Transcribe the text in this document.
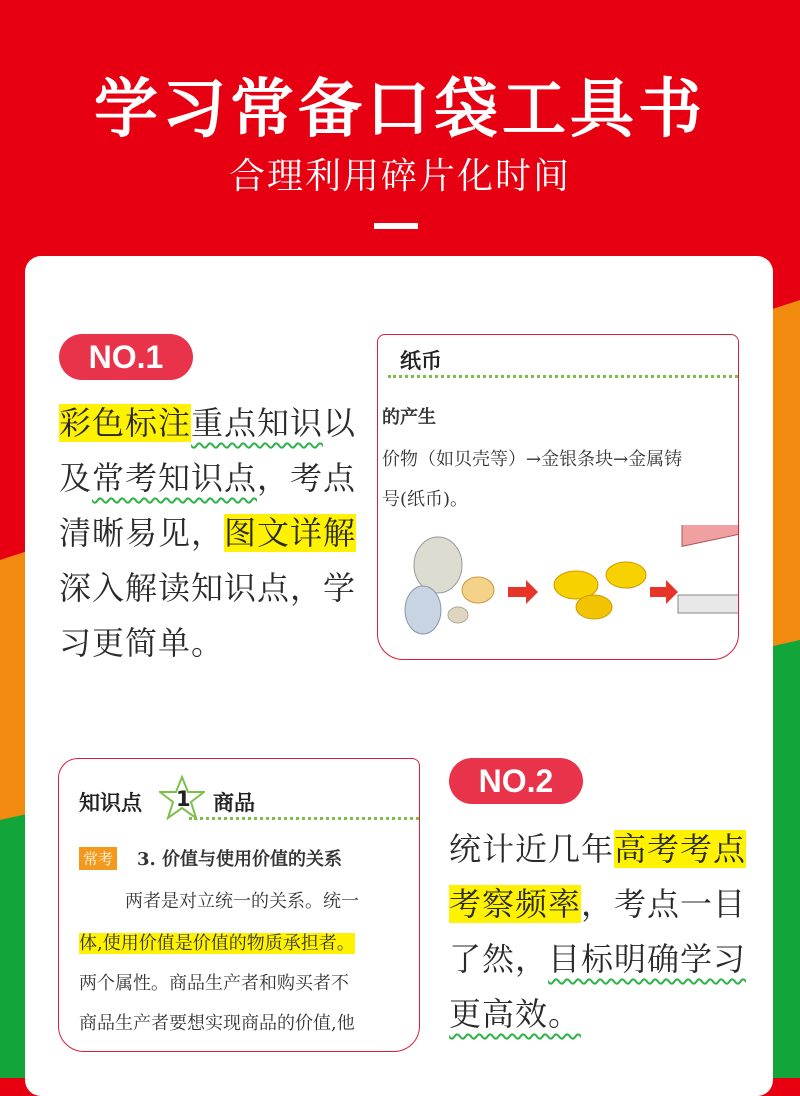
学习常备口袋工具书
合理利用碎片化时间
NO.1
彩色标注重点知识以
及常考知识点，考点
清晰易见，图文详解
深入解读知识点，学
习更简单。
纸币
的产生
价物（如贝壳等）→金银条块→金属铸
号(纸币)。
知识点 1 商品
常考 3. 价值与使用价值的关系
两者是对立统一的关系。统一
体,使用价值是价值的物质承担者。
两个属性。商品生产者和购买者不
商品生产者要想实现商品的价值,他
NO.2
统计近几年高考考点
考察频率，考点一目
了然，目标明确学习
更高效。
